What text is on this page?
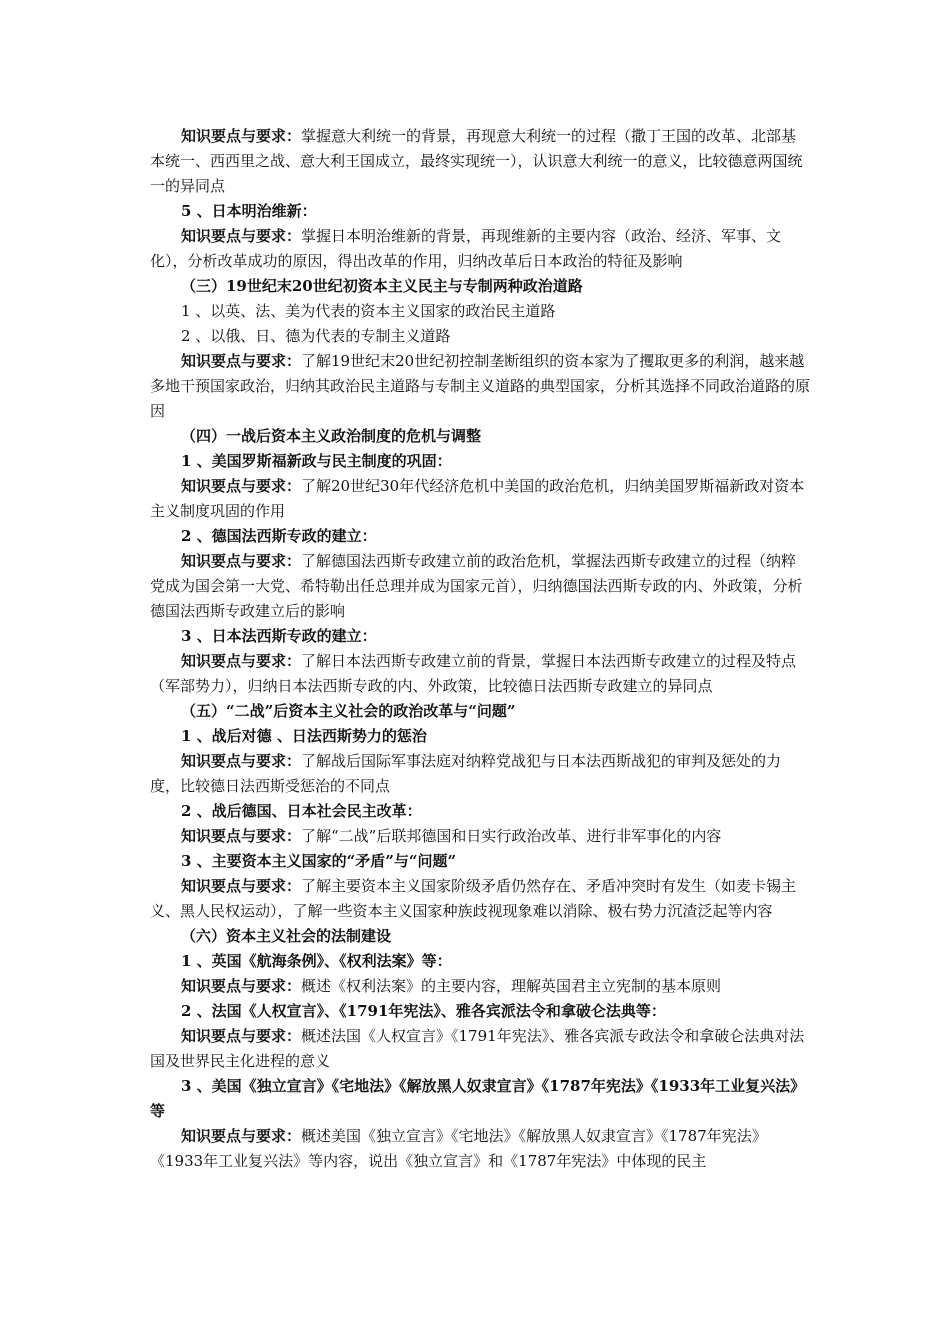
知识要点与要求：掌握意大利统一的背景，再现意大利统一的过程（撒丁王国的改革、北部基本统一、西西里之战、意大利王国成立，最终实现统一），认识意大利统一的意义，比较德意两国统一的异同点

5 、日本明治维新：

知识要点与要求：掌握日本明治维新的背景，再现维新的主要内容（政治、经济、军事、文化），分析改革成功的原因，得出改革的作用，归纳改革后日本政治的特征及影响

（三）19世纪末20世纪初资本主义民主与专制两种政治道路

1 、以英、法、美为代表的资本主义国家的政治民主道路

2 、以俄、日、德为代表的专制主义道路

知识要点与要求：了解19世纪末20世纪初控制垄断组织的资本家为了攫取更多的利润，越来越多地干预国家政治，归纳其政治民主道路与专制主义道路的典型国家，分析其选择不同政治道路的原因

（四）一战后资本主义政治制度的危机与调整

1 、美国罗斯福新政与民主制度的巩固：

知识要点与要求：了解20世纪30年代经济危机中美国的政治危机，归纳美国罗斯福新政对资本主义制度巩固的作用

2 、德国法西斯专政的建立：

知识要点与要求：了解德国法西斯专政建立前的政治危机，掌握法西斯专政建立的过程（纳粹党成为国会第一大党、希特勒出任总理并成为国家元首），归纳德国法西斯专政的内、外政策，分析德国法西斯专政建立后的影响

3 、日本法西斯专政的建立：

知识要点与要求：了解日本法西斯专政建立前的背景，掌握日本法西斯专政建立的过程及特点（军部势力），归纳日本法西斯专政的内、外政策，比较德日法西斯专政建立的异同点

（五）“二战”后资本主义社会的政治改革与“问题”

1 、战后对德 、日法西斯势力的惩治

知识要点与要求：了解战后国际军事法庭对纳粹党战犯与日本法西斯战犯的审判及惩处的力度，比较德日法西斯受惩治的不同点

2 、战后德国、日本社会民主改革：

知识要点与要求：了解“二战”后联邦德国和日实行政治改革、进行非军事化的内容

3 、主要资本主义国家的“矛盾”与“问题”

知识要点与要求：了解主要资本主义国家阶级矛盾仍然存在、矛盾冲突时有发生（如麦卡锡主义、黑人民权运动），了解一些资本主义国家种族歧视现象难以消除、极右势力沉渣泛起等内容

（六）资本主义社会的法制建设

1 、英国《航海条例》、《权利法案》等：

知识要点与要求：概述《权利法案》的主要内容，理解英国君主立宪制的基本原则

2 、法国《人权宣言》、《1791年宪法》、雅各宾派法令和拿破仑法典等：

知识要点与要求：概述法国《人权宣言》《1791年宪法》、雅各宾派专政法令和拿破仑法典对法国及世界民主化进程的意义

3 、美国《独立宣言》《宅地法》《解放黑人奴隶宣言》《1787年宪法》《1933年工业复兴法》等

知识要点与要求：概述美国《独立宣言》《宅地法》《解放黑人奴隶宣言》《1787年宪法》《1933年工业复兴法》等内容，说出《独立宣言》和《1787年宪法》中体现的民主
